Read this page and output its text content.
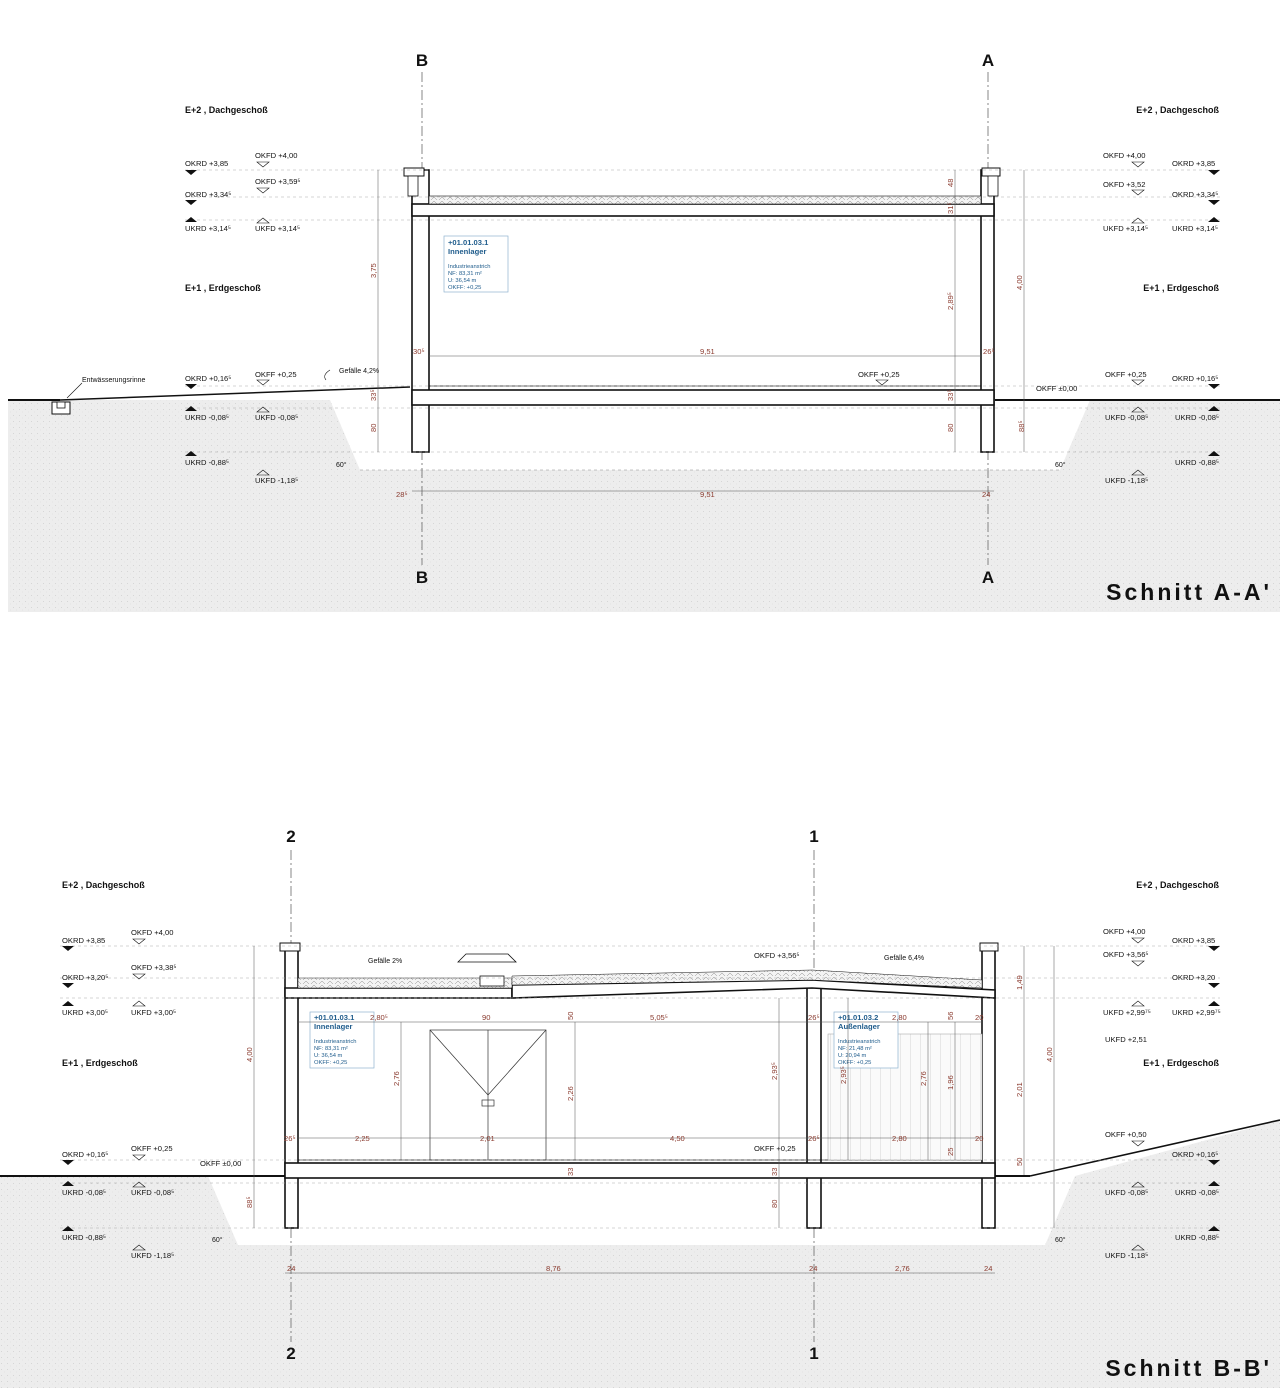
Entwässerungsrinne
B	A
B	A
E+2 , Dachgeschoß
E+1 , Erdgeschoß
E+2 , Dachgeschoß
E+1 , Erdgeschoß
OKRD +3,85
OKFD +4,00
OKFD +3,59⁵
OKRD +3,34⁵
UKRD +3,14⁵	UKFD +3,14⁵
OKRD +0,16⁵	OKFF +0,25
UKRD -0,08⁵	UKFD -0,08⁵
UKRD -0,88⁵
UKFD -1,18⁵
OKFD +4,00
OKRD +3,85
OKFD +3,52
OKRD +3,34⁵
UKFD +3,14⁵	UKRD +3,14⁵
OKFF +0,25	OKRD +0,16⁵
OKFF ±0,00
UKFD -0,08⁵	UKRD -0,08⁵
UKRD -0,88⁵
UKFD -1,18⁵
OKFF +0,25
Gefälle 4,2%
+01.01.03.1
Innenlager
Industrieanstrich
NF: 83,31 m²
U: 36,54 m
OKFF: +0,25
3,75
4,00
2,89⁵
48
31⁵
9,51
9,51
30⁵	26⁵
33⁵	33⁵
80	80	88⁵
28⁵	24
60°	60°
Schnitt A-A'
2	1
2	1
E+2 , Dachgeschoß
E+1 , Erdgeschoß
E+2 , Dachgeschoß
E+1 , Erdgeschoß
OKRD +3,85
OKFD +4,00
OKFD +3,38⁵
OKRD +3,20⁵
UKRD +3,00⁵	UKFD +3,00⁵
OKRD +0,16⁵
OKFF +0,25
OKFF ±0,00
UKRD -0,08⁵	UKFD -0,08⁵
UKRD -0,88⁵
UKFD -1,18⁵
OKFD +4,00
OKRD +3,85
OKFD +3,56⁵
OKRD +3,20
UKFD +2,99⁷⁵	UKRD +2,99⁷⁵
UKFD +2,51
OKFF +0,50
OKRD +0,16⁵
UKFD -0,08⁵	UKRD -0,08⁵
UKRD -0,88⁵
UKFD -1,18⁵
OKFD +3,56⁵
OKFF +0,25
Gefälle 2%	Gefälle 6,4%
+01.01.03.1
Innenlager
Industrieanstrich
NF: 83,31 m²
U: 36,54 m
OKFF: +0,25
+01.01.03.2
Außenlager
Industrieanstrich
NF: 21,48 m²
U: 20,94 m
OKFF: +0,25
4,00	4,00
1,49
2,01
50
2,76
2,26
50
2,93⁵	2,93⁵	2,76 1,96
56
25
33	33
80
88⁵
2,80⁵	90	5,05⁵	26⁵	2,80	20
26⁵	2,25	2,01	4,50	26⁵	2,80	20
24	8,76	24	2,76	24
60°	60°
Schnitt B-B'
